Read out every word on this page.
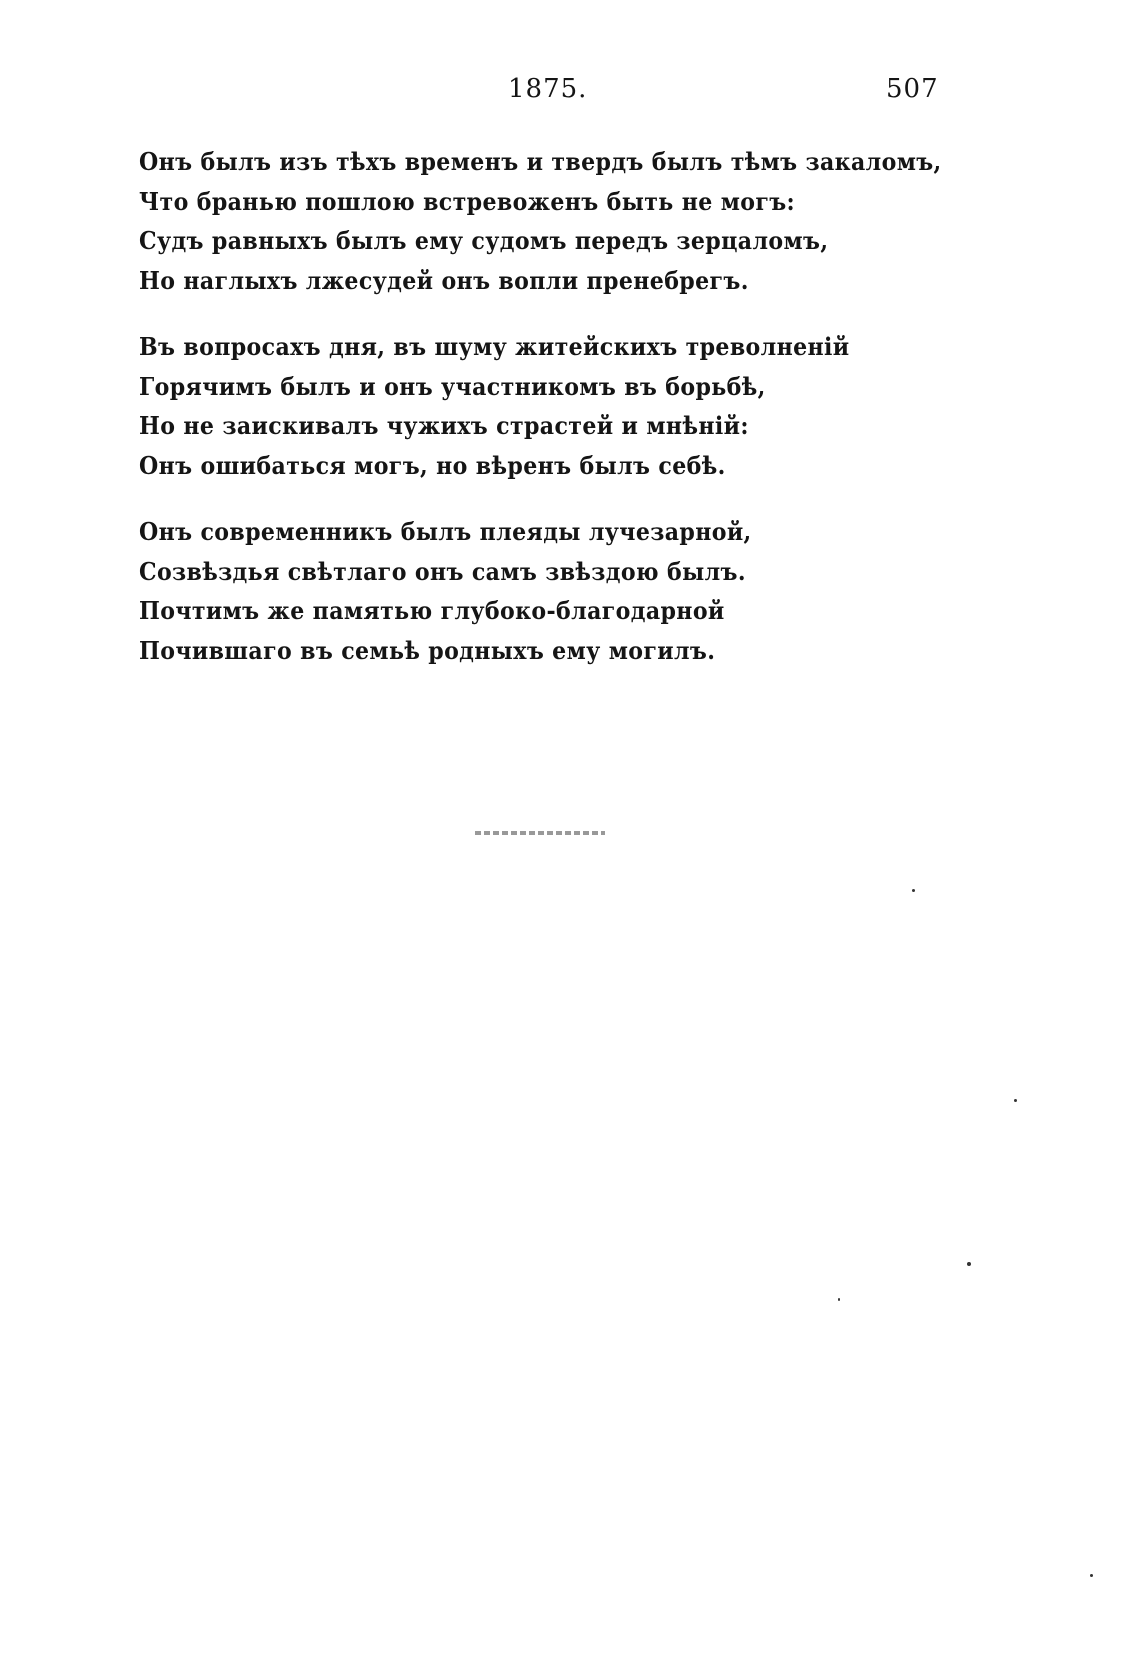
1875.	507
Онъ былъ изъ тѣхъ временъ и твердъ былъ тѣмъ закаломъ,
Что бранью пошлою встревоженъ быть не могъ:
Судъ равныхъ былъ ему судомъ передъ зерцаломъ,
Но наглыхъ лжесудей онъ вопли пренебрегъ.
Въ вопросахъ дня, въ шуму житейскихъ треволненій
Горячимъ былъ и онъ участникомъ въ борьбѣ,
Но не заискивалъ чужихъ страстей и мнѣній:
Онъ ошибаться могъ, но вѣренъ былъ себѣ.
Онъ современникъ былъ плеяды лучезарной,
Созвѣздья свѣтлаго онъ самъ звѣздою былъ.
Почтимъ же памятью глубоко-благодарной
Почившаго въ семьѣ родныхъ ему могилъ.
